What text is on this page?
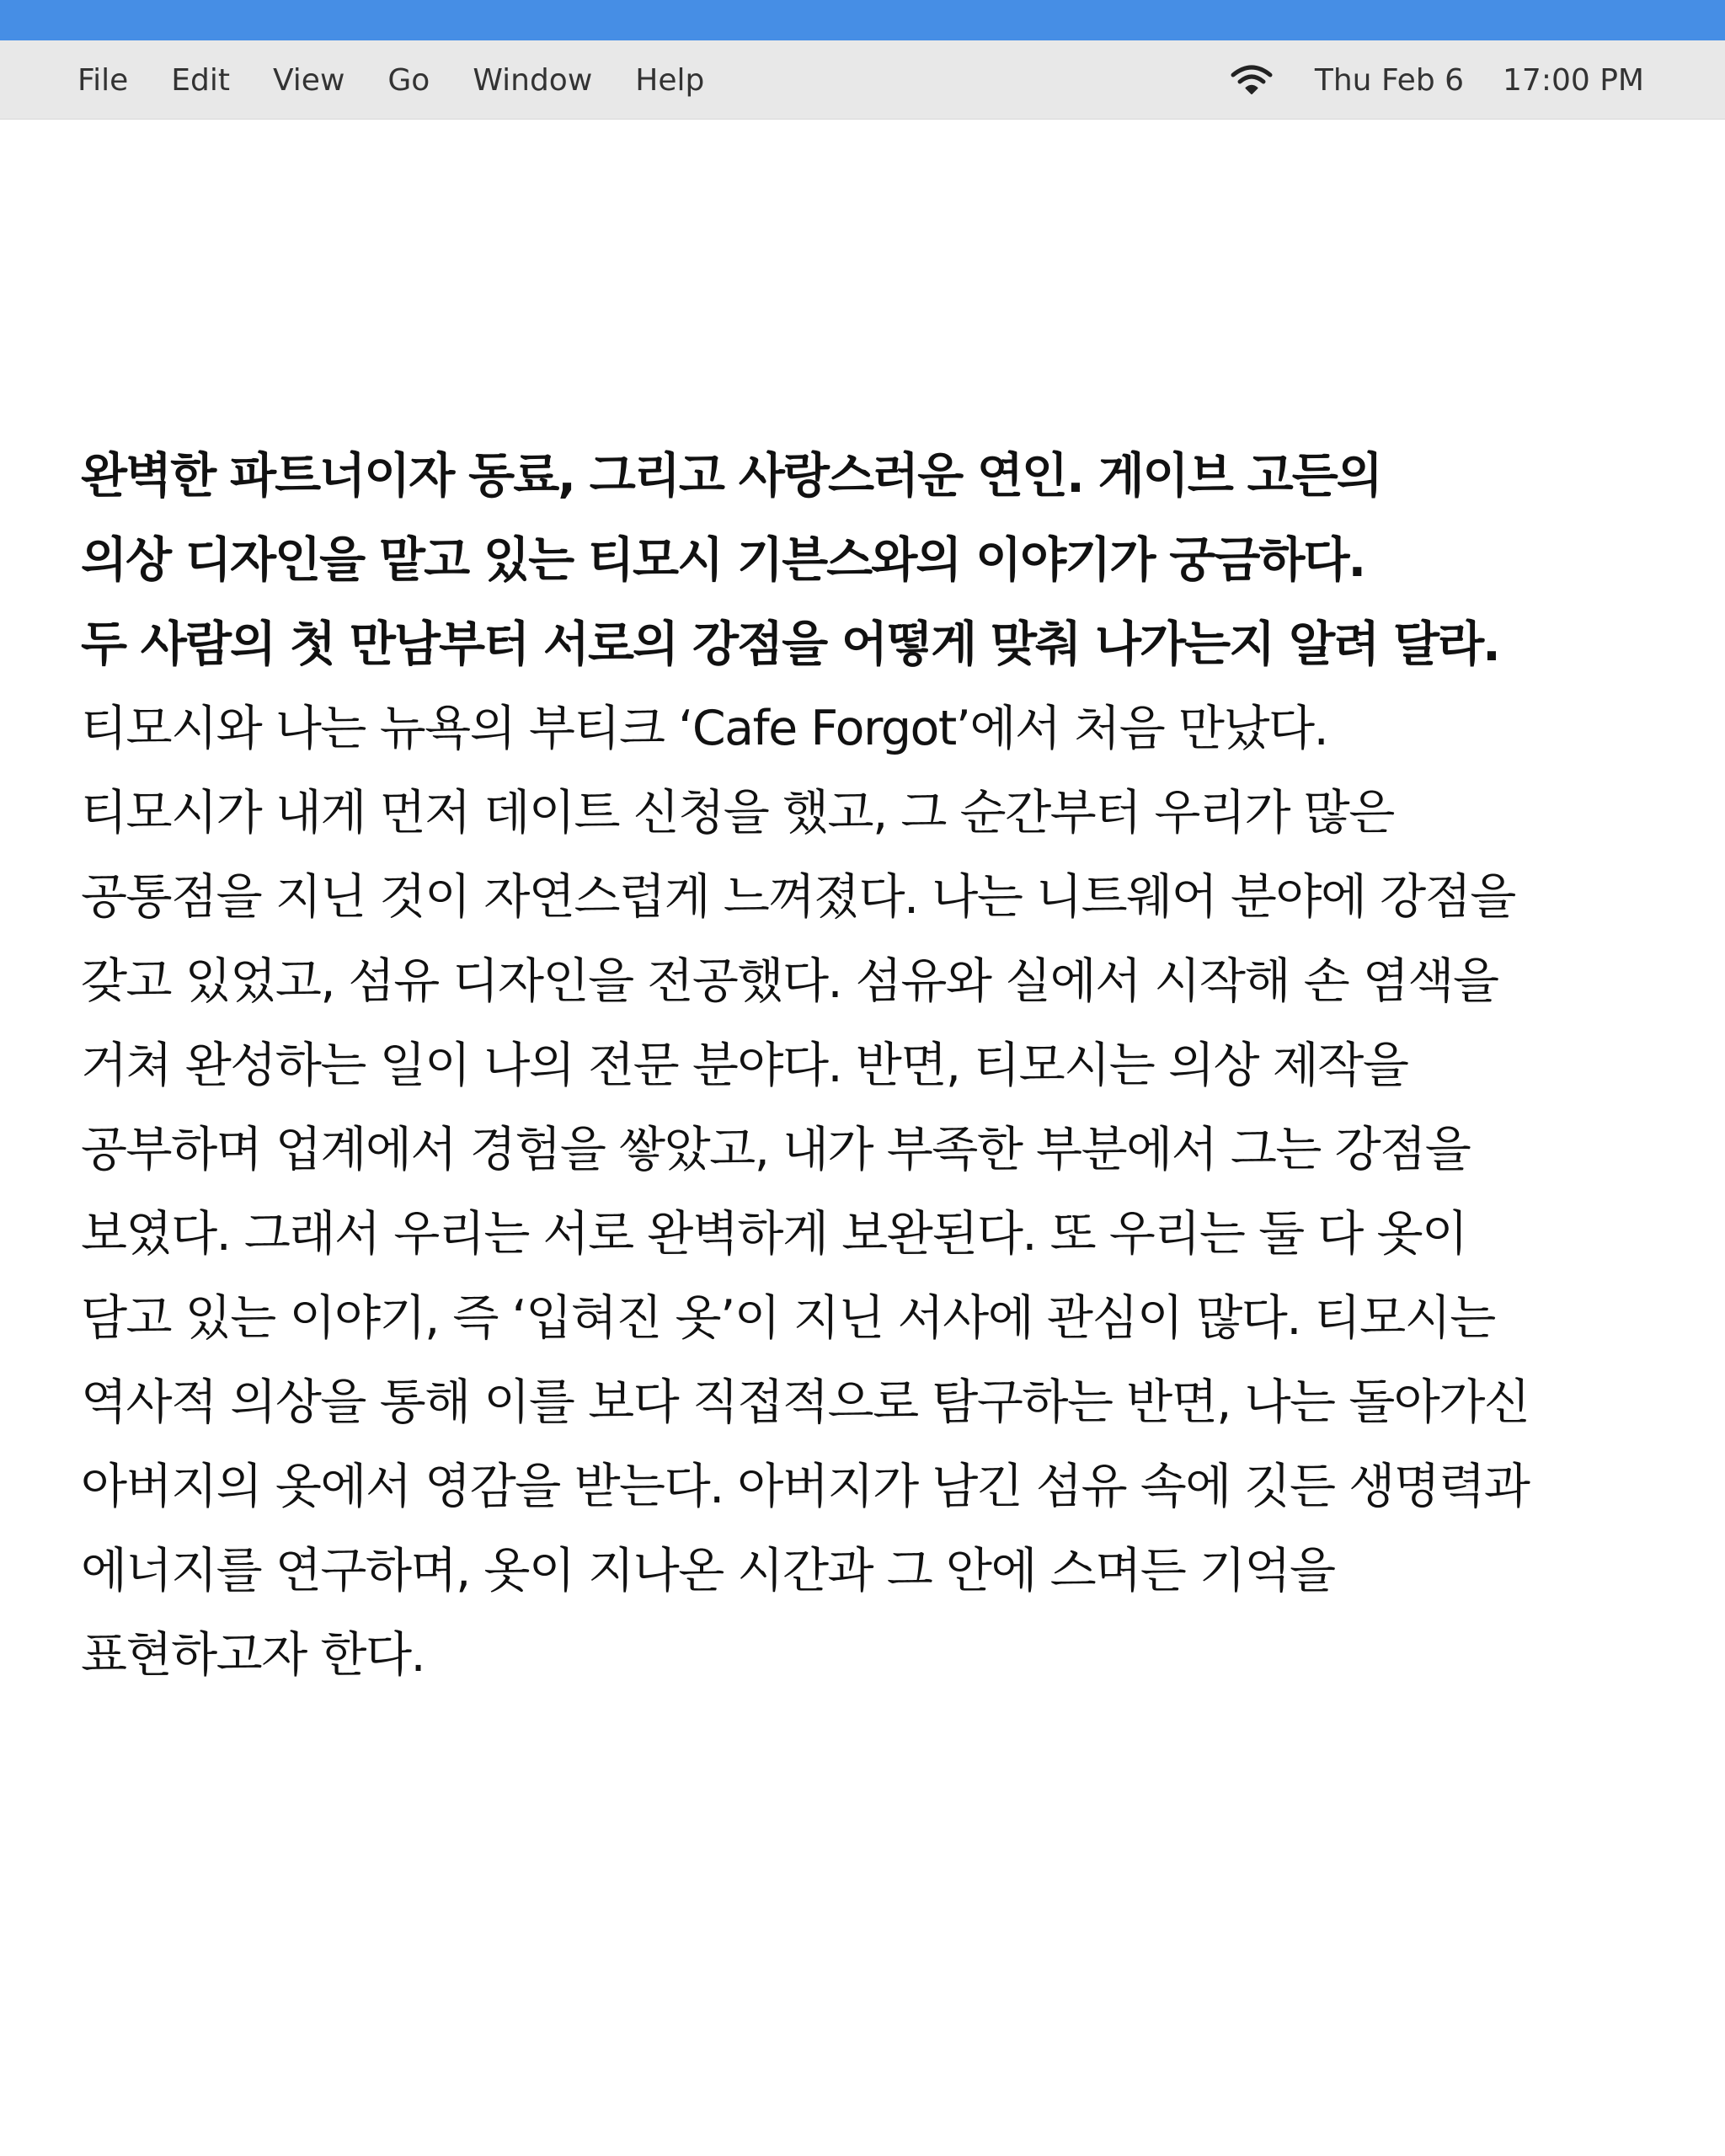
File Edit View Go Window Help	Thu Feb 6 17:00 PM
완벽한 파트너이자 동료, 그리고 사랑스러운 연인. 게이브 고든의
의상 디자인을 맡고 있는 티모시 기븐스와의 이야기가 궁금하다.
두 사람의 첫 만남부터 서로의 강점을 어떻게 맞춰 나가는지 알려 달라.
티모시와 나는 뉴욕의 부티크 ‘Cafe Forgot’에서 처음 만났다.
티모시가 내게 먼저 데이트 신청을 했고, 그 순간부터 우리가 많은
공통점을 지닌 것이 자연스럽게 느껴졌다. 나는 니트웨어 분야에 강점을
갖고 있었고, 섬유 디자인을 전공했다. 섬유와 실에서 시작해 손 염색을
거쳐 완성하는 일이 나의 전문 분야다. 반면, 티모시는 의상 제작을
공부하며 업계에서 경험을 쌓았고, 내가 부족한 부분에서 그는 강점을
보였다. 그래서 우리는 서로 완벽하게 보완된다. 또 우리는 둘 다 옷이
담고 있는 이야기, 즉 ‘입혀진 옷’이 지닌 서사에 관심이 많다. 티모시는
역사적 의상을 통해 이를 보다 직접적으로 탐구하는 반면, 나는 돌아가신
아버지의 옷에서 영감을 받는다. 아버지가 남긴 섬유 속에 깃든 생명력과
에너지를 연구하며, 옷이 지나온 시간과 그 안에 스며든 기억을
표현하고자 한다.
